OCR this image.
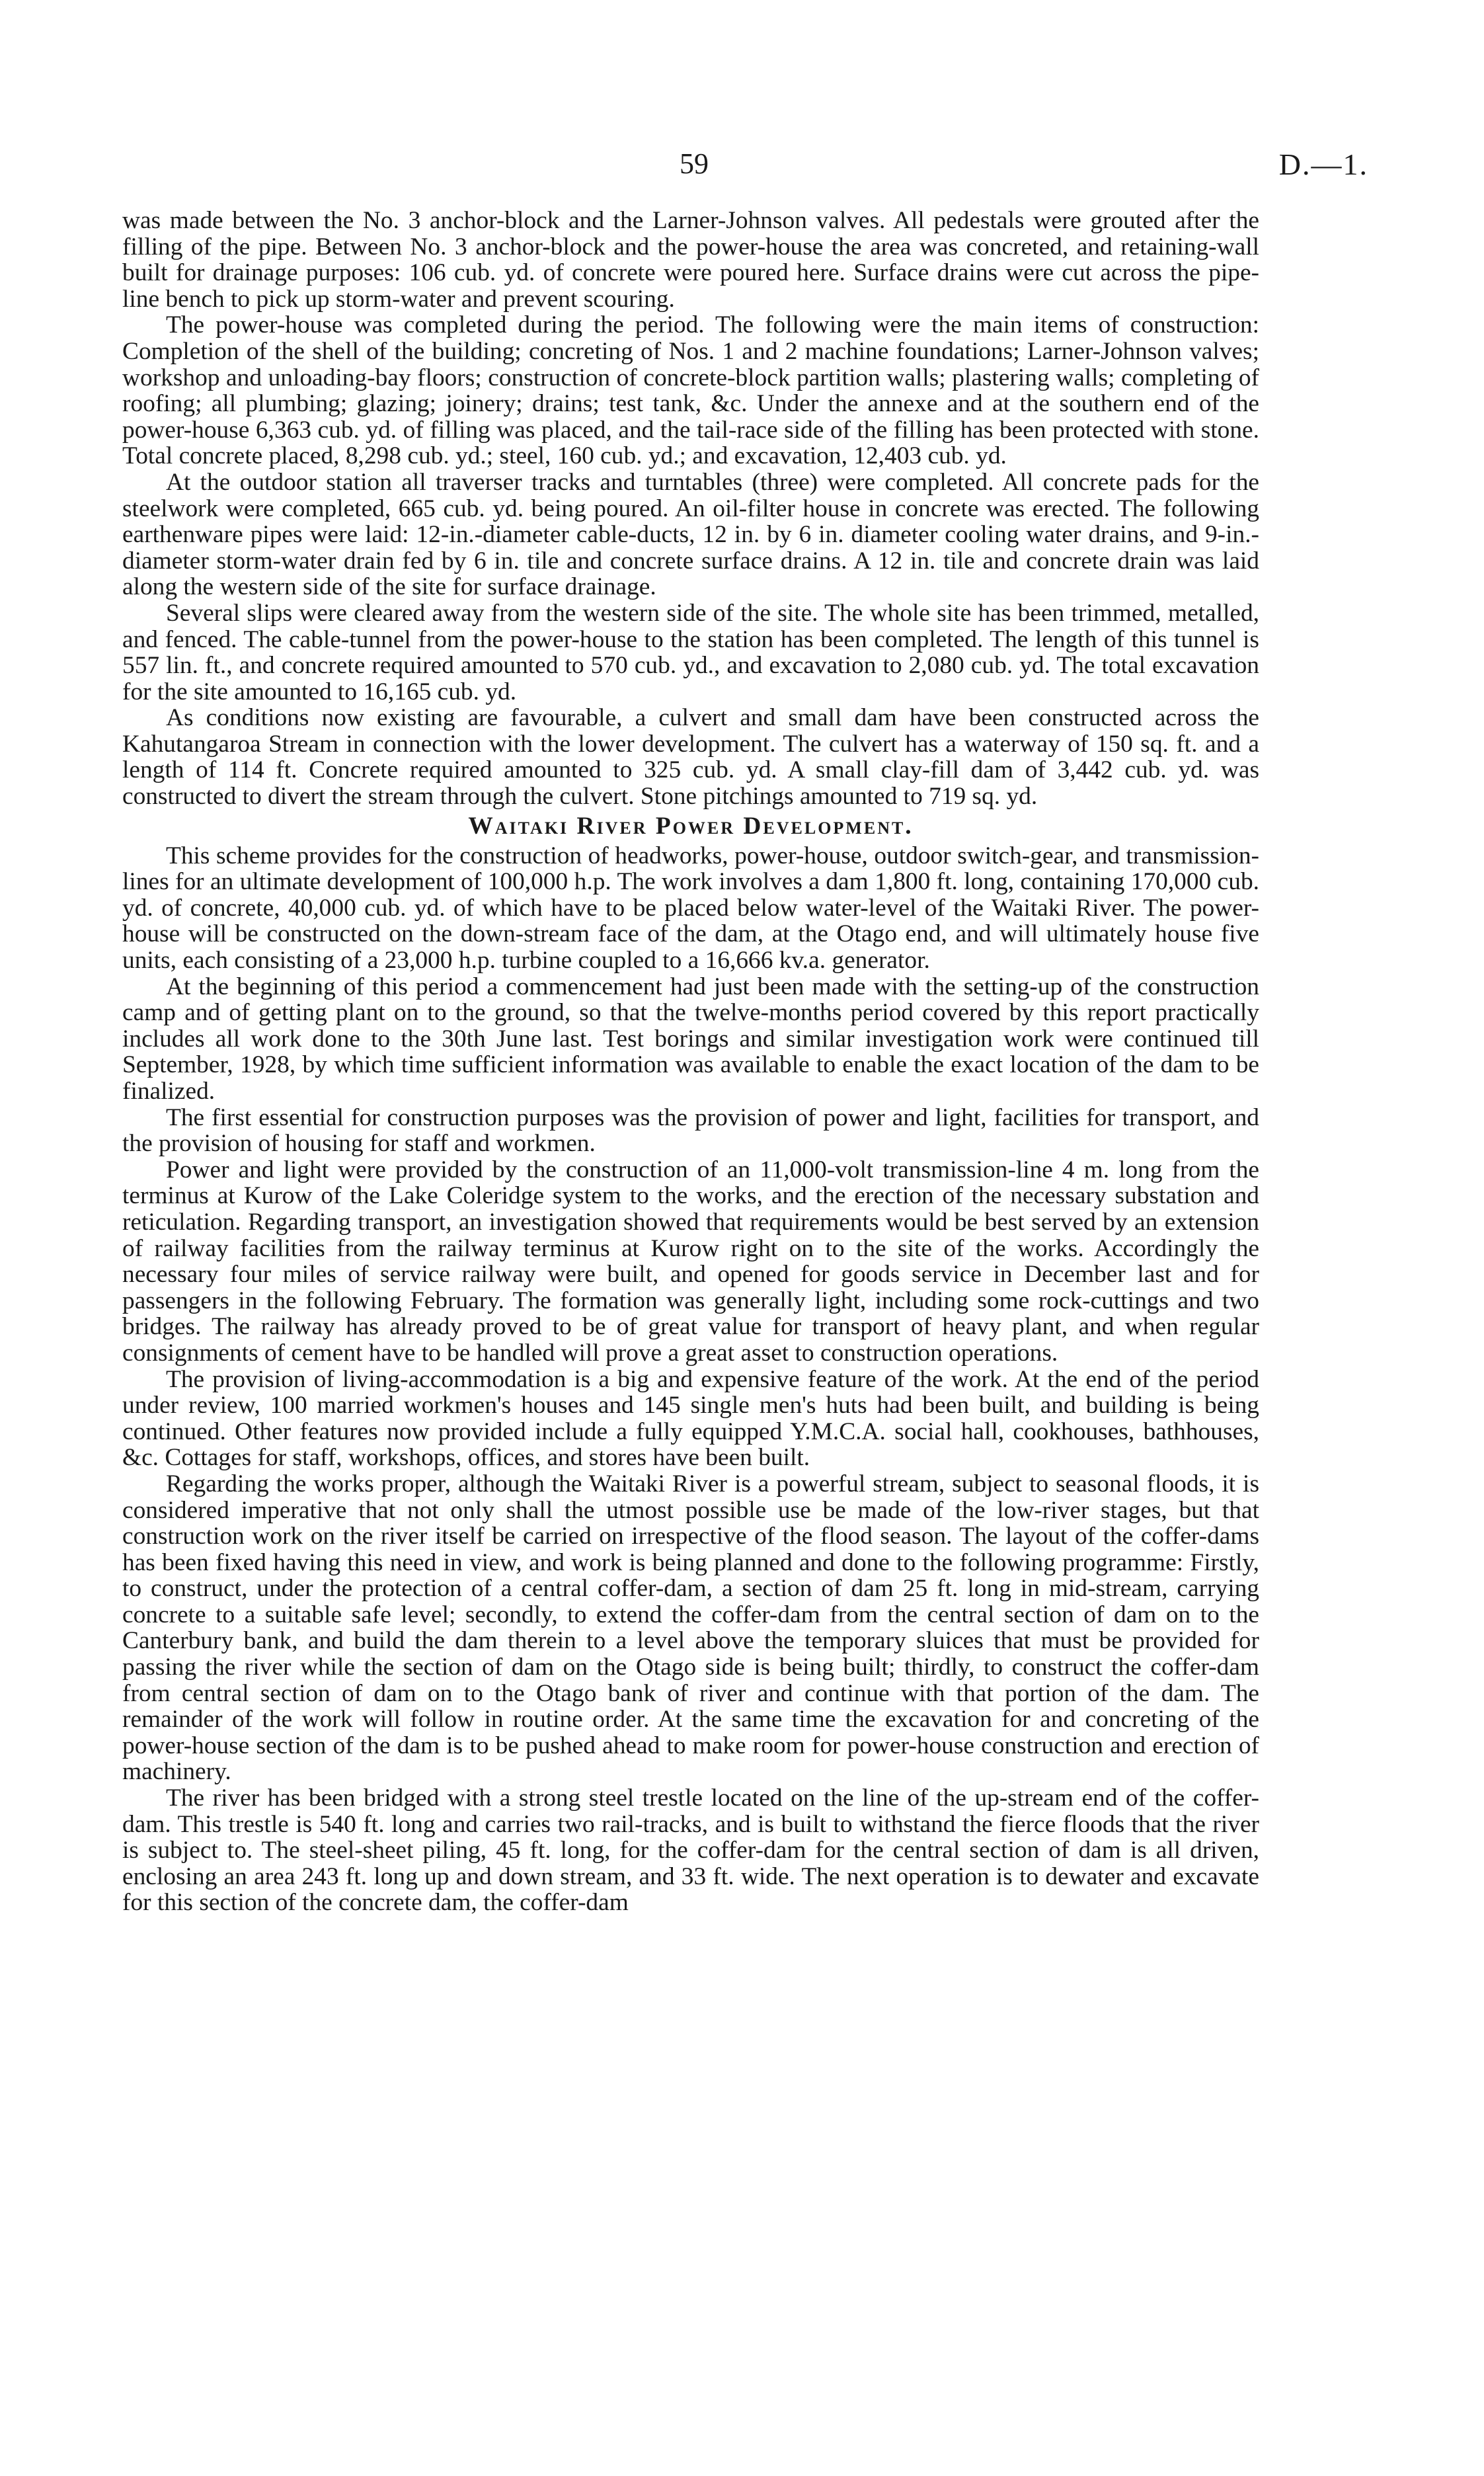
59	D.—1.

was made between the No. 3 anchor-block and the Larner-Johnson valves. All pedestals were grouted after the filling of the pipe. Between No. 3 anchor-block and the power-house the area was concreted, and retaining-wall built for drainage purposes: 106 cub. yd. of concrete were poured here. Surface drains were cut across the pipe-line bench to pick up storm-water and prevent scouring.

The power-house was completed during the period. The following were the main items of construction: Completion of the shell of the building; concreting of Nos. 1 and 2 machine foundations; Larner-Johnson valves; workshop and unloading-bay floors; construction of concrete-block partition walls; plastering walls; completing of roofing; all plumbing; glazing; joinery; drains; test tank, &c. Under the annexe and at the southern end of the power-house 6,363 cub. yd. of filling was placed, and the tail-race side of the filling has been protected with stone. Total concrete placed, 8,298 cub. yd.; steel, 160 cub. yd.; and excavation, 12,403 cub. yd.

At the outdoor station all traverser tracks and turntables (three) were completed. All concrete pads for the steelwork were completed, 665 cub. yd. being poured. An oil-filter house in concrete was erected. The following earthenware pipes were laid: 12-in.-diameter cable-ducts, 12 in. by 6 in. diameter cooling water drains, and 9-in.-diameter storm-water drain fed by 6 in. tile and concrete surface drains. A 12 in. tile and concrete drain was laid along the western side of the site for surface drainage.

Several slips were cleared away from the western side of the site. The whole site has been trimmed, metalled, and fenced. The cable-tunnel from the power-house to the station has been completed. The length of this tunnel is 557 lin. ft., and concrete required amounted to 570 cub. yd., and excavation to 2,080 cub. yd. The total excavation for the site amounted to 16,165 cub. yd.

As conditions now existing are favourable, a culvert and small dam have been constructed across the Kahutangaroa Stream in connection with the lower development. The culvert has a waterway of 150 sq. ft. and a length of 114 ft. Concrete required amounted to 325 cub. yd. A small clay-fill dam of 3,442 cub. yd. was constructed to divert the stream through the culvert. Stone pitchings amounted to 719 sq. yd.

Waitaki River Power Development.

This scheme provides for the construction of headworks, power-house, outdoor switch-gear, and transmission-lines for an ultimate development of 100,000 h.p. The work involves a dam 1,800 ft. long, containing 170,000 cub. yd. of concrete, 40,000 cub. yd. of which have to be placed below water-level of the Waitaki River. The power-house will be constructed on the down-stream face of the dam, at the Otago end, and will ultimately house five units, each consisting of a 23,000 h.p. turbine coupled to a 16,666 kv.a. generator.

At the beginning of this period a commencement had just been made with the setting-up of the construction camp and of getting plant on to the ground, so that the twelve-months period covered by this report practically includes all work done to the 30th June last. Test borings and similar investigation work were continued till September, 1928, by which time sufficient information was available to enable the exact location of the dam to be finalized.

The first essential for construction purposes was the provision of power and light, facilities for transport, and the provision of housing for staff and workmen.

Power and light were provided by the construction of an 11,000-volt transmission-line 4 m. long from the terminus at Kurow of the Lake Coleridge system to the works, and the erection of the necessary substation and reticulation. Regarding transport, an investigation showed that requirements would be best served by an extension of railway facilities from the railway terminus at Kurow right on to the site of the works. Accordingly the necessary four miles of service railway were built, and opened for goods service in December last and for passengers in the following February. The formation was generally light, including some rock-cuttings and two bridges. The railway has already proved to be of great value for transport of heavy plant, and when regular consignments of cement have to be handled will prove a great asset to construction operations.

The provision of living-accommodation is a big and expensive feature of the work. At the end of the period under review, 100 married workmen's houses and 145 single men's huts had been built, and building is being continued. Other features now provided include a fully equipped Y.M.C.A. social hall, cookhouses, bathhouses, &c. Cottages for staff, workshops, offices, and stores have been built.

Regarding the works proper, although the Waitaki River is a powerful stream, subject to seasonal floods, it is considered imperative that not only shall the utmost possible use be made of the low-river stages, but that construction work on the river itself be carried on irrespective of the flood season. The layout of the coffer-dams has been fixed having this need in view, and work is being planned and done to the following programme: Firstly, to construct, under the protection of a central coffer-dam, a section of dam 25 ft. long in mid-stream, carrying concrete to a suitable safe level; secondly, to extend the coffer-dam from the central section of dam on to the Canterbury bank, and build the dam therein to a level above the temporary sluices that must be provided for passing the river while the section of dam on the Otago side is being built; thirdly, to construct the coffer-dam from central section of dam on to the Otago bank of river and continue with that portion of the dam. The remainder of the work will follow in routine order. At the same time the excavation for and concreting of the power-house section of the dam is to be pushed ahead to make room for power-house construction and erection of machinery.

The river has been bridged with a strong steel trestle located on the line of the up-stream end of the coffer-dam. This trestle is 540 ft. long and carries two rail-tracks, and is built to withstand the fierce floods that the river is subject to. The steel-sheet piling, 45 ft. long, for the coffer-dam for the central section of dam is all driven, enclosing an area 243 ft. long up and down stream, and 33 ft. wide. The next operation is to dewater and excavate for this section of the concrete dam, the coffer-dam
